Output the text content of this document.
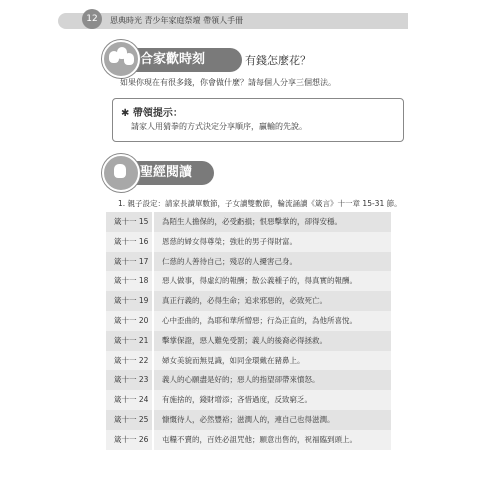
12	恩典時光 青少年家庭祭壇 帶領人手冊
合家歡時刻	有錢怎麼花？
如果你現在有很多錢，你會做什麼？請每個人分享三個想法。
✱ 帶領提示：
請家人用猜拳的方式決定分享順序，贏輸的先說。
聖經閱讀
1. 親子設定：請家長讀單數節，子女讀雙數節，輪流誦讀《箴言》十一章 15-31 節。
箴十一 15	為陌生人擔保的，必受虧損；恨惡擊掌的，卻得安穩。
箴十一 16	恩慈的婦女得尊榮；強壯的男子得財富。
箴十一 17	仁慈的人善待自己；殘忍的人擾害己身。
箴十一 18	惡人做事，得虛幻的報酬；散公義種子的，得真實的報酬。
箴十一 19	真正行義的，必得生命；追求邪惡的，必致死亡。
箴十一 20	心中歪曲的，為耶和華所憎惡；行為正直的，為他所喜悅。
箴十一 21	擊掌保證，惡人難免受罰；義人的後裔必得拯救。
箴十一 22	婦女美貌而無見識，如同金環戴在豬鼻上。
箴十一 23	義人的心願盡是好的；惡人的指望卻帶來憤怒。
箴十一 24	有施捨的，錢財增添；吝惜過度，反致窮乏。
箴十一 25	慷慨待人，必然豐裕；滋潤人的，連自己也得滋潤。
箴十一 26	屯糧不賣的，百姓必詛咒他；願意出售的，祝福臨到頭上。
